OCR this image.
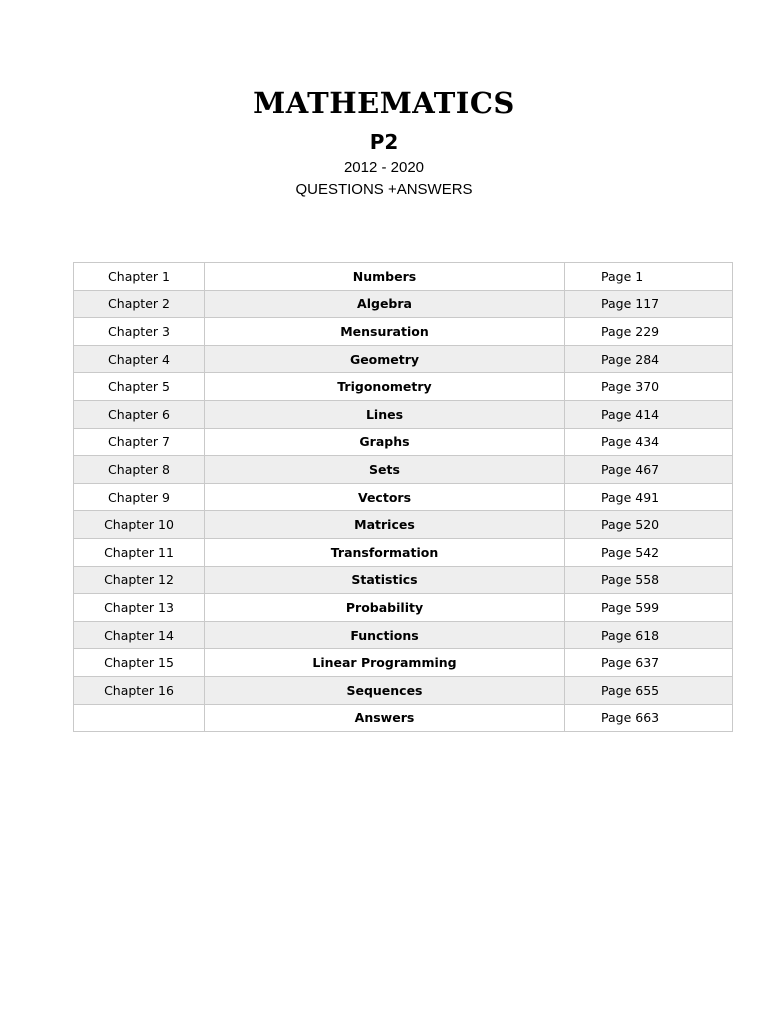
MATHEMATICS
P2
2012 - 2020
QUESTIONS +ANSWERS
Chapter 1	Numbers	Page 1
Chapter 2	Algebra	Page 117
Chapter 3	Mensuration	Page 229
Chapter 4	Geometry	Page 284
Chapter 5	Trigonometry	Page 370
Chapter 6	Lines	Page 414
Chapter 7	Graphs	Page 434
Chapter 8	Sets	Page 467
Chapter 9	Vectors	Page 491
Chapter 10	Matrices	Page 520
Chapter 11	Transformation	Page 542
Chapter 12	Statistics	Page 558
Chapter 13	Probability	Page 599
Chapter 14	Functions	Page 618
Chapter 15	Linear Programming	Page 637
Chapter 16	Sequences	Page 655
	Answers	Page 663
